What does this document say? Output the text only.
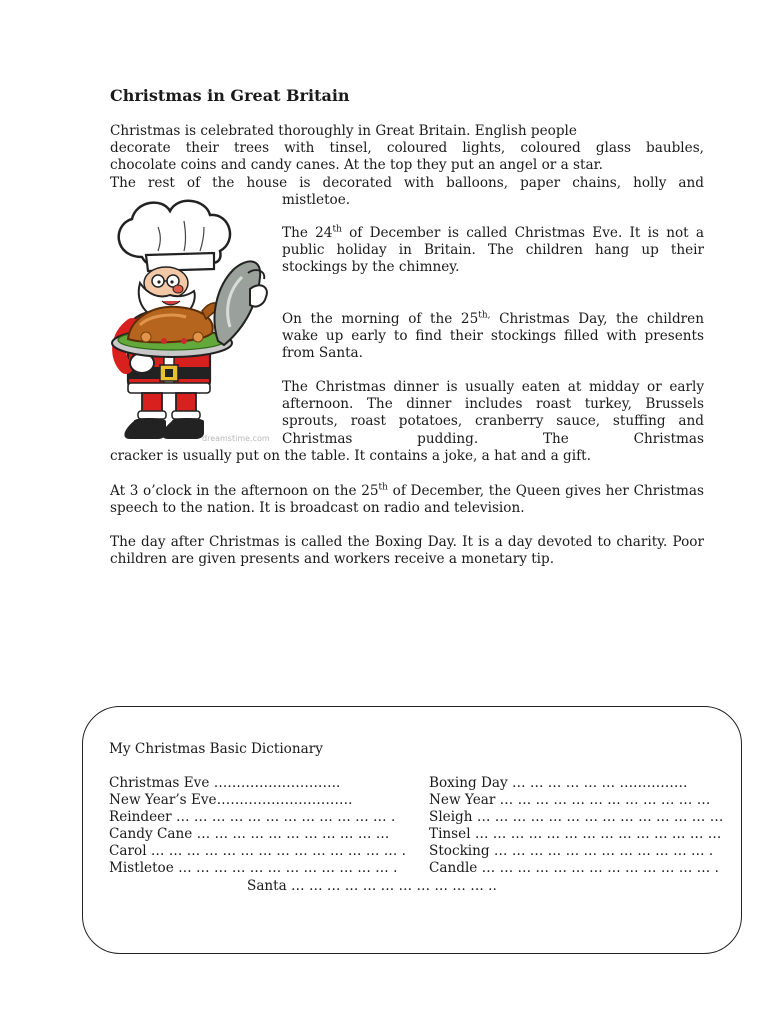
Christmas in Great Britain
Christmas is celebrated thoroughly in Great Britain. English people
decorate their trees with tinsel, coloured lights, coloured glass baubles,
chocolate coins and candy canes. At the top they put an angel or a star.
The rest of the house is decorated with balloons, paper chains, holly and
mistletoe.

The 24th of December is called Christmas Eve. It is not a public holiday in Britain. The children hang up their stockings by the chimney.

On the morning of the $25^{th,}$ Christmas Day, the children wake up early to find their stockings filled with presents from Santa.

The Christmas dinner is usually eaten at midday or early afternoon. The dinner includes roast turkey, Brussels sprouts, roast potatoes, cranberry sauce, stuffing and Christmas pudding. The Christmas

cracker is usually put on the table. It contains a joke, a hat and a gift.

At 3 o’clock in the afternoon on the 25th of December, the Queen gives her Christmas speech to the nation. It is broadcast on radio and television.

The day after Christmas is called the Boxing Day. It is a day devoted to charity. Poor children are given presents and workers receive a monetary tip.

dreamstime.com

My Christmas Basic Dictionary

Christmas Eve ……………………….

New Year’s Eve…………………………

Reindeer … … … … … … … … … … … … .

Candy Cane … … … … … … … … … … …

Carol … … … … … … … … … … … … … … .

Mistletoe … … … … … … … … … … … … .

Boxing Day … … … … … … ……………

New Year … … … … … … … … … … … …

Sleigh … … … … … … … … … … … … … …

Tinsel … … … … … … … … … … … … … …

Stocking … … … … … … … … … … … … .

Candle … … … … … … … … … … … … … .

Santa … … … … … … … … … … … ..
